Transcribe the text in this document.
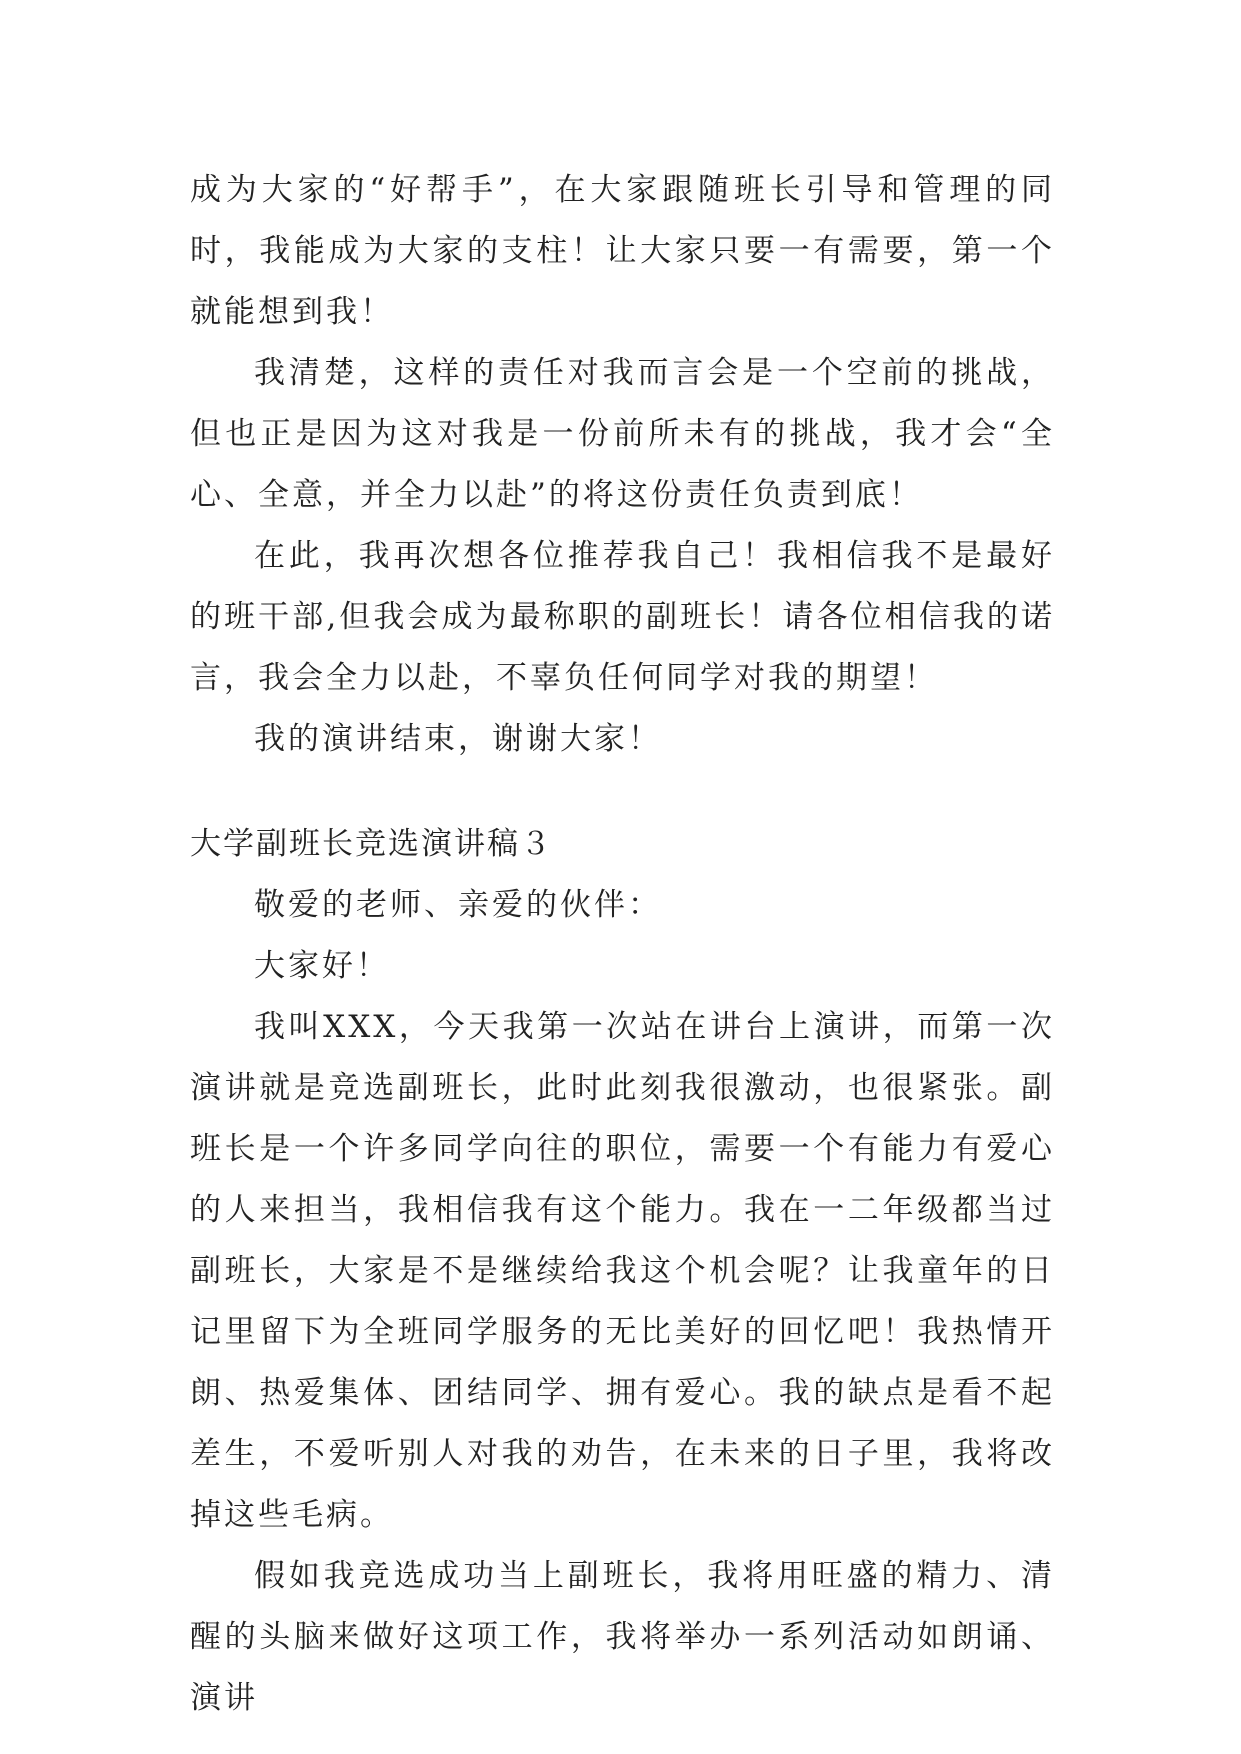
成为大家的“好帮手”，在大家跟随班长引导和管理的同时，我能成为大家的支柱！让大家只要一有需要，第一个就能想到我！

我清楚，这样的责任对我而言会是一个空前的挑战，但也正是因为这对我是一份前所未有的挑战，我才会“全心、全意，并全力以赴”的将这份责任负责到底！

在此，我再次想各位推荐我自己！我相信我不是最好的班干部,但我会成为最称职的副班长！请各位相信我的诺言，我会全力以赴，不辜负任何同学对我的期望！

我的演讲结束，谢谢大家！

大学副班长竞选演讲稿３

敬爱的老师、亲爱的伙伴：

大家好！

我叫XXX，今天我第一次站在讲台上演讲，而第一次演讲就是竞选副班长，此时此刻我很激动，也很紧张。副班长是一个许多同学向往的职位，需要一个有能力有爱心的人来担当，我相信我有这个能力。我在一二年级都当过副班长，大家是不是继续给我这个机会呢？让我童年的日记里留下为全班同学服务的无比美好的回忆吧！我热情开朗、热爱集体、团结同学、拥有爱心。我的缺点是看不起差生，不爱听别人对我的劝告，在未来的日子里，我将改掉这些毛病。

假如我竞选成功当上副班长，我将用旺盛的精力、清醒的头脑来做好这项工作，我将举办一系列活动如朗诵、演讲
